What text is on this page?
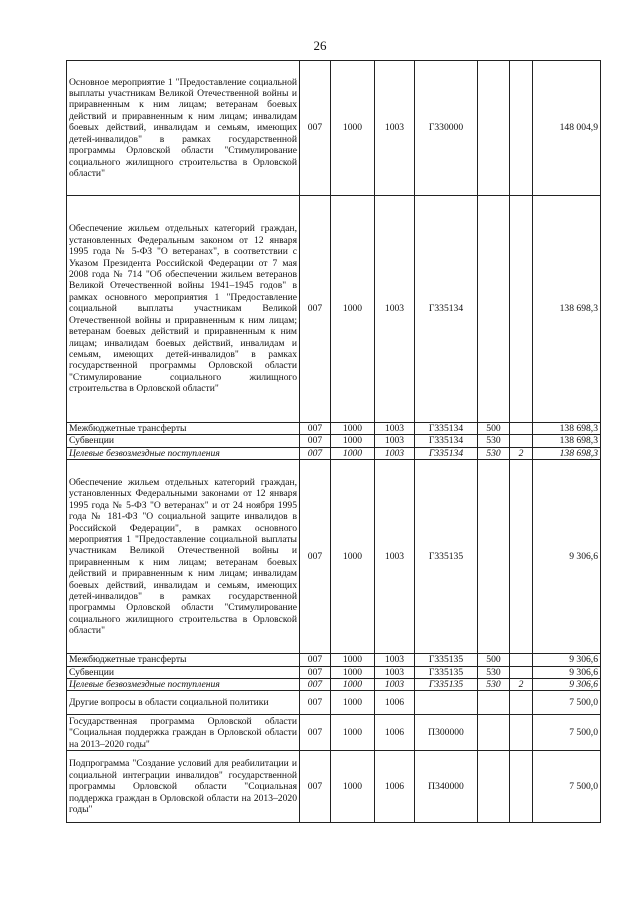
26
Основное мероприятие 1 "Предоставление социальной выплаты участникам Великой Отечественной войны и приравненным к ним лицам; ветеранам боевых действий и приравненным к ним лицам; инвалидам боевых действий, инвалидам и семьям, имеющих детей-инвалидов" в рамках государственной программы Орловской области "Стимулирование социального жилищного строительства в Орловской области"	007	1000	1003	Г330000			148 004,9
Обеспечение жильем отдельных категорий граждан, установленных Федеральным законом от 12 января 1995 года № 5-ФЗ "О ветеранах", в соответствии с Указом Президента Российской Федерации от 7 мая 2008 года № 714 "Об обеспечении жильем ветеранов Великой Отечественной войны 1941–1945 годов" в рамках основного мероприятия 1 "Предоставление социальной выплаты участникам Великой Отечественной войны и приравненным к ним лицам; ветеранам боевых действий и приравненным к ним лицам; инвалидам боевых действий, инвалидам и семьям, имеющих детей-инвалидов" в рамках государственной программы Орловской области "Стимулирование социального жилищного строительства в Орловской области"	007	1000	1003	Г335134			138 698,3
Межбюджетные трансферты	007	1000	1003	Г335134	500		138 698,3
Субвенции	007	1000	1003	Г335134	530		138 698,3
Целевые безвозмездные поступления	007	1000	1003	Г335134	530	2	138 698,3
Обеспечение жильем отдельных категорий граждан, установленных Федеральными законами от 12 января 1995 года № 5-ФЗ "О ветеранах" и от 24 ноября 1995 года № 181-ФЗ "О социальной защите инвалидов в Российской Федерации", в рамках основного мероприятия 1 "Предоставление социальной выплаты участникам Великой Отечественной войны и приравненным к ним лицам; ветеранам боевых действий и приравненным к ним лицам; инвалидам боевых действий, инвалидам и семьям, имеющих детей-инвалидов" в рамках государственной программы Орловской области "Стимулирование социального жилищного строительства в Орловской области"	007	1000	1003	Г335135			9 306,6
Межбюджетные трансферты	007	1000	1003	Г335135	500		9 306,6
Субвенции	007	1000	1003	Г335135	530		9 306,6
Целевые безвозмездные поступления	007	1000	1003	Г335135	530	2	9 306,6
Другие вопросы в области социальной политики	007	1000	1006				7 500,0
Государственная программа Орловской области "Социальная поддержка граждан в Орловской области на 2013–2020 годы"	007	1000	1006	П300000			7 500,0
Подпрограмма "Создание условий для реабилитации и социальной интеграции инвалидов" государственной программы Орловской области "Социальная поддержка граждан в Орловской области на 2013–2020 годы"	007	1000	1006	П340000			7 500,0
